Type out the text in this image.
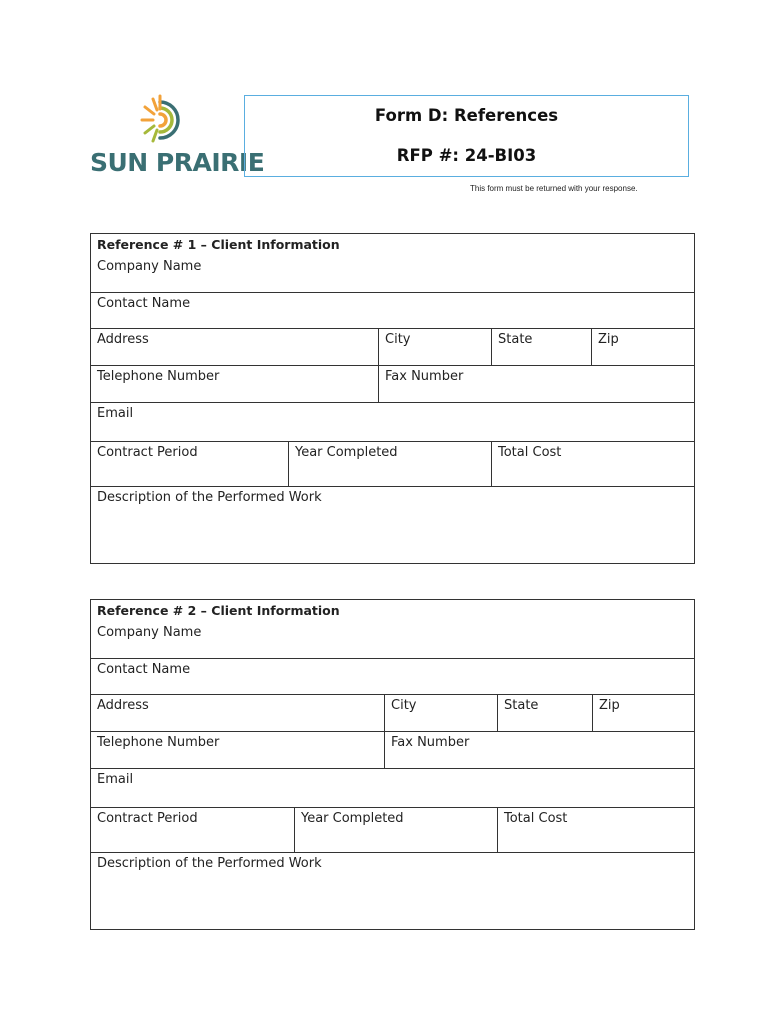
SUN PRAIRIE
Form D: References
RFP #: 24-BI03
This form must be returned with your response.
Reference # 1 – Client Information				
Company Name				
Contact Name				
Address		City	State	Zip
Telephone Number		Fax Number		
Email				
Contract Period	Year Completed		Total Cost	
Description of the Performed Work				
Reference # 2 – Client Information				
Company Name				
Contact Name				
Address		City	State	Zip
Telephone Number		Fax Number		
Email				
Contract Period	Year Completed		Total Cost	
Description of the Performed Work				
